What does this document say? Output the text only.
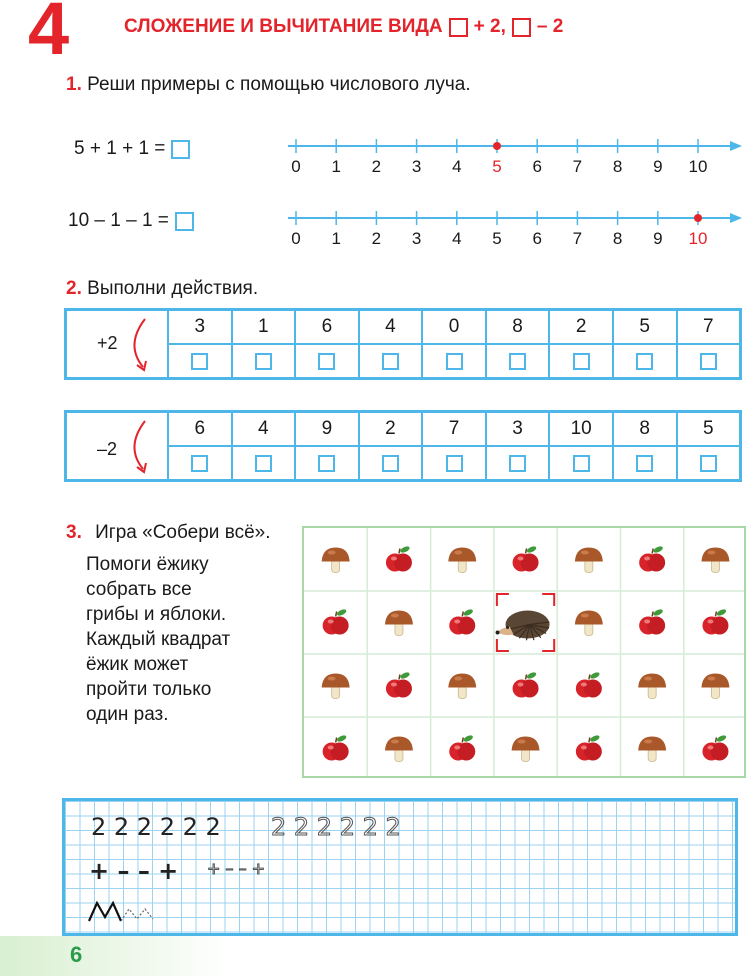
4	СЛОЖЕНИЕ И ВЫЧИТАНИЕ ВИДА + 2, – 2
1. Реши примеры с помощью числового луча.
5 + 1 + 1 =
10 – 1 – 1 =
0 1 2 3 4 5 6 7 8 9 10
0 1 2 3 4 5 6 7 8 9 10
2. Выполни действия.
+2
3	1	6	4	0	8	2	5	7
–2
6	4	9	2	7	3	10	8	5
3. Игра «Собери всё».
Помоги ёжику
собрать все
грибы и яблоки.
Каждый квадрат
ёжик может
пройти только
один раз.
2 2 2 2 2 2 2 2 2 2 2 2
+ – – + + – – +
6
